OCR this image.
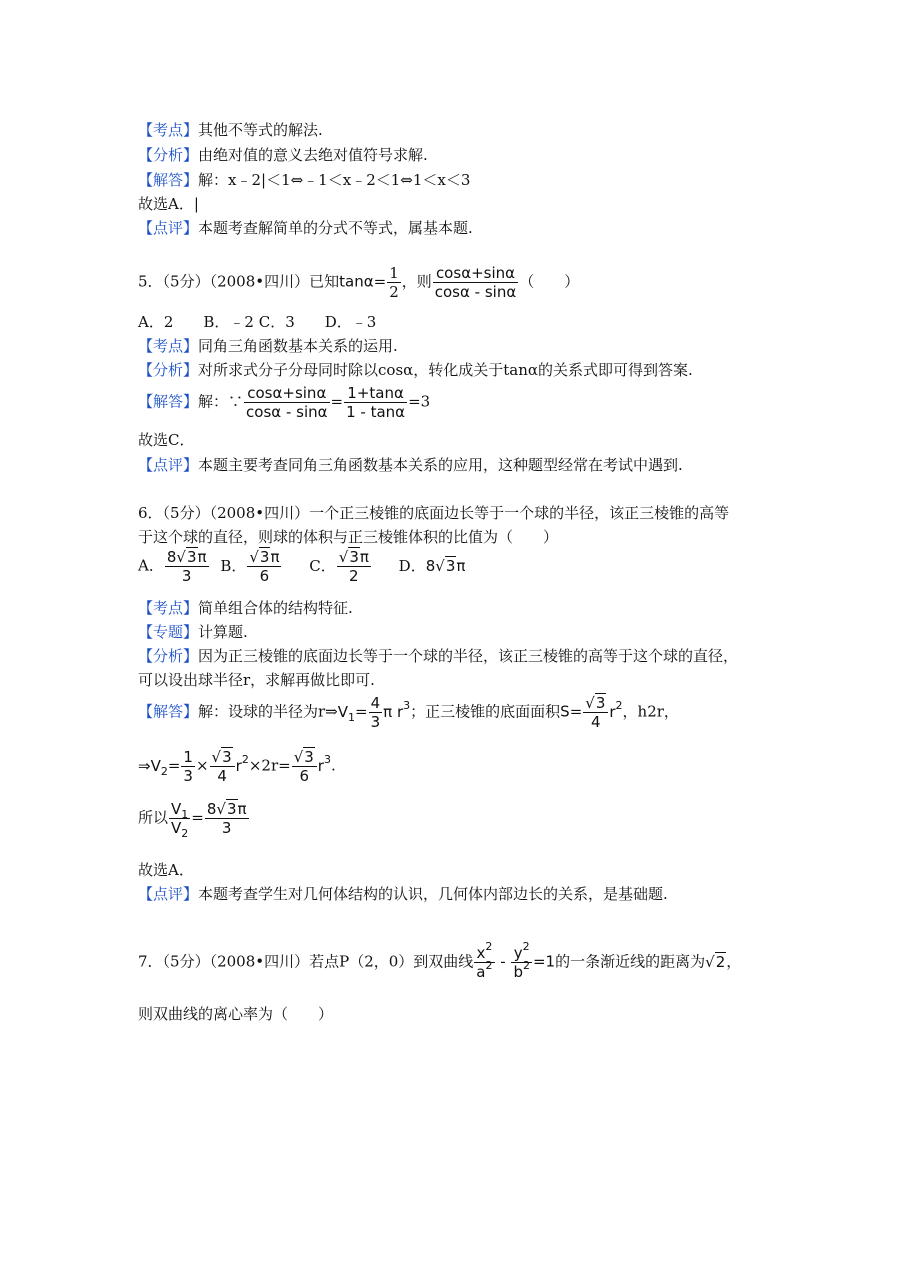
【考点】其他不等式的解法.
【分析】由绝对值的意义去绝对值符号求解.
【解答】解：x﹣2|＜1⇔﹣1＜x﹣2＜1⇔1＜x＜3
故选A．|
【点评】本题考查解简单的分式不等式，属基本题.
5．（5分）（2008•四川）已知$\tan\alpha= \frac{1}{2}$ ，则 $\frac{\cos\alpha+\sin\alpha}{\cos\alpha - \sin\alpha}$ （　　）
A．2　　B．﹣2 C．3　　D．﹣3
【考点】同角三角函数基本关系的运用.
【分析】对所求式分子分母同时除以cosα，转化成关于tanα的关系式即可得到答案.
【解答】解：∵ $\frac{\cos\alpha+\sin\alpha}{\cos\alpha - \sin\alpha} = \frac{1+\tan\alpha}{1 - \tan\alpha} =3$
故选C．
【点评】本题主要考查同角三角函数基本关系的应用，这种题型经常在考试中遇到.
6．（5分）（2008•四川）一个正三棱锥的底面边长等于一个球的半径，该正三棱锥的高等
于这个球的直径，则球的体积与正三棱锥体积的比值为（　　）
A． $\frac{8√3\pi}{3}$ B． $\frac{√3\pi}{6}$ C． $\frac{√3\pi}{2}$ D．8√3π
【考点】简单组合体的结构特征.
【专题】计算题.
【分析】因为正三棱锥的底面边长等于一个球的半径，该正三棱锥的高等于这个球的直径，
可以设出球半径r，求解再做比即可.
【解答】解：设球的半径为$r\Rightarrow V_1= \frac{4}{3}$ π $r^3$；正三棱锥的底面面积$S= \frac{√3}{4} r^2$，h2r，
$\Rightarrow V_2= \frac{1}{3} \times \frac{√3}{4} r^2\times 2r= \frac{√3}{6} r^3$.
所以 $\frac{V_1}{V_2} = \frac{8√3\pi}{3}$
故选A．
【点评】本题考查学生对几何体结构的认识，几何体内部边长的关系，是基础题.
7．（5分）（2008•四川）若点P（2，0）到双曲线 $\frac{x^2}{a^2} - \frac{y^2}{b^2} =1$的一条渐近线的距离为√2，
则双曲线的离心率为（　　）
